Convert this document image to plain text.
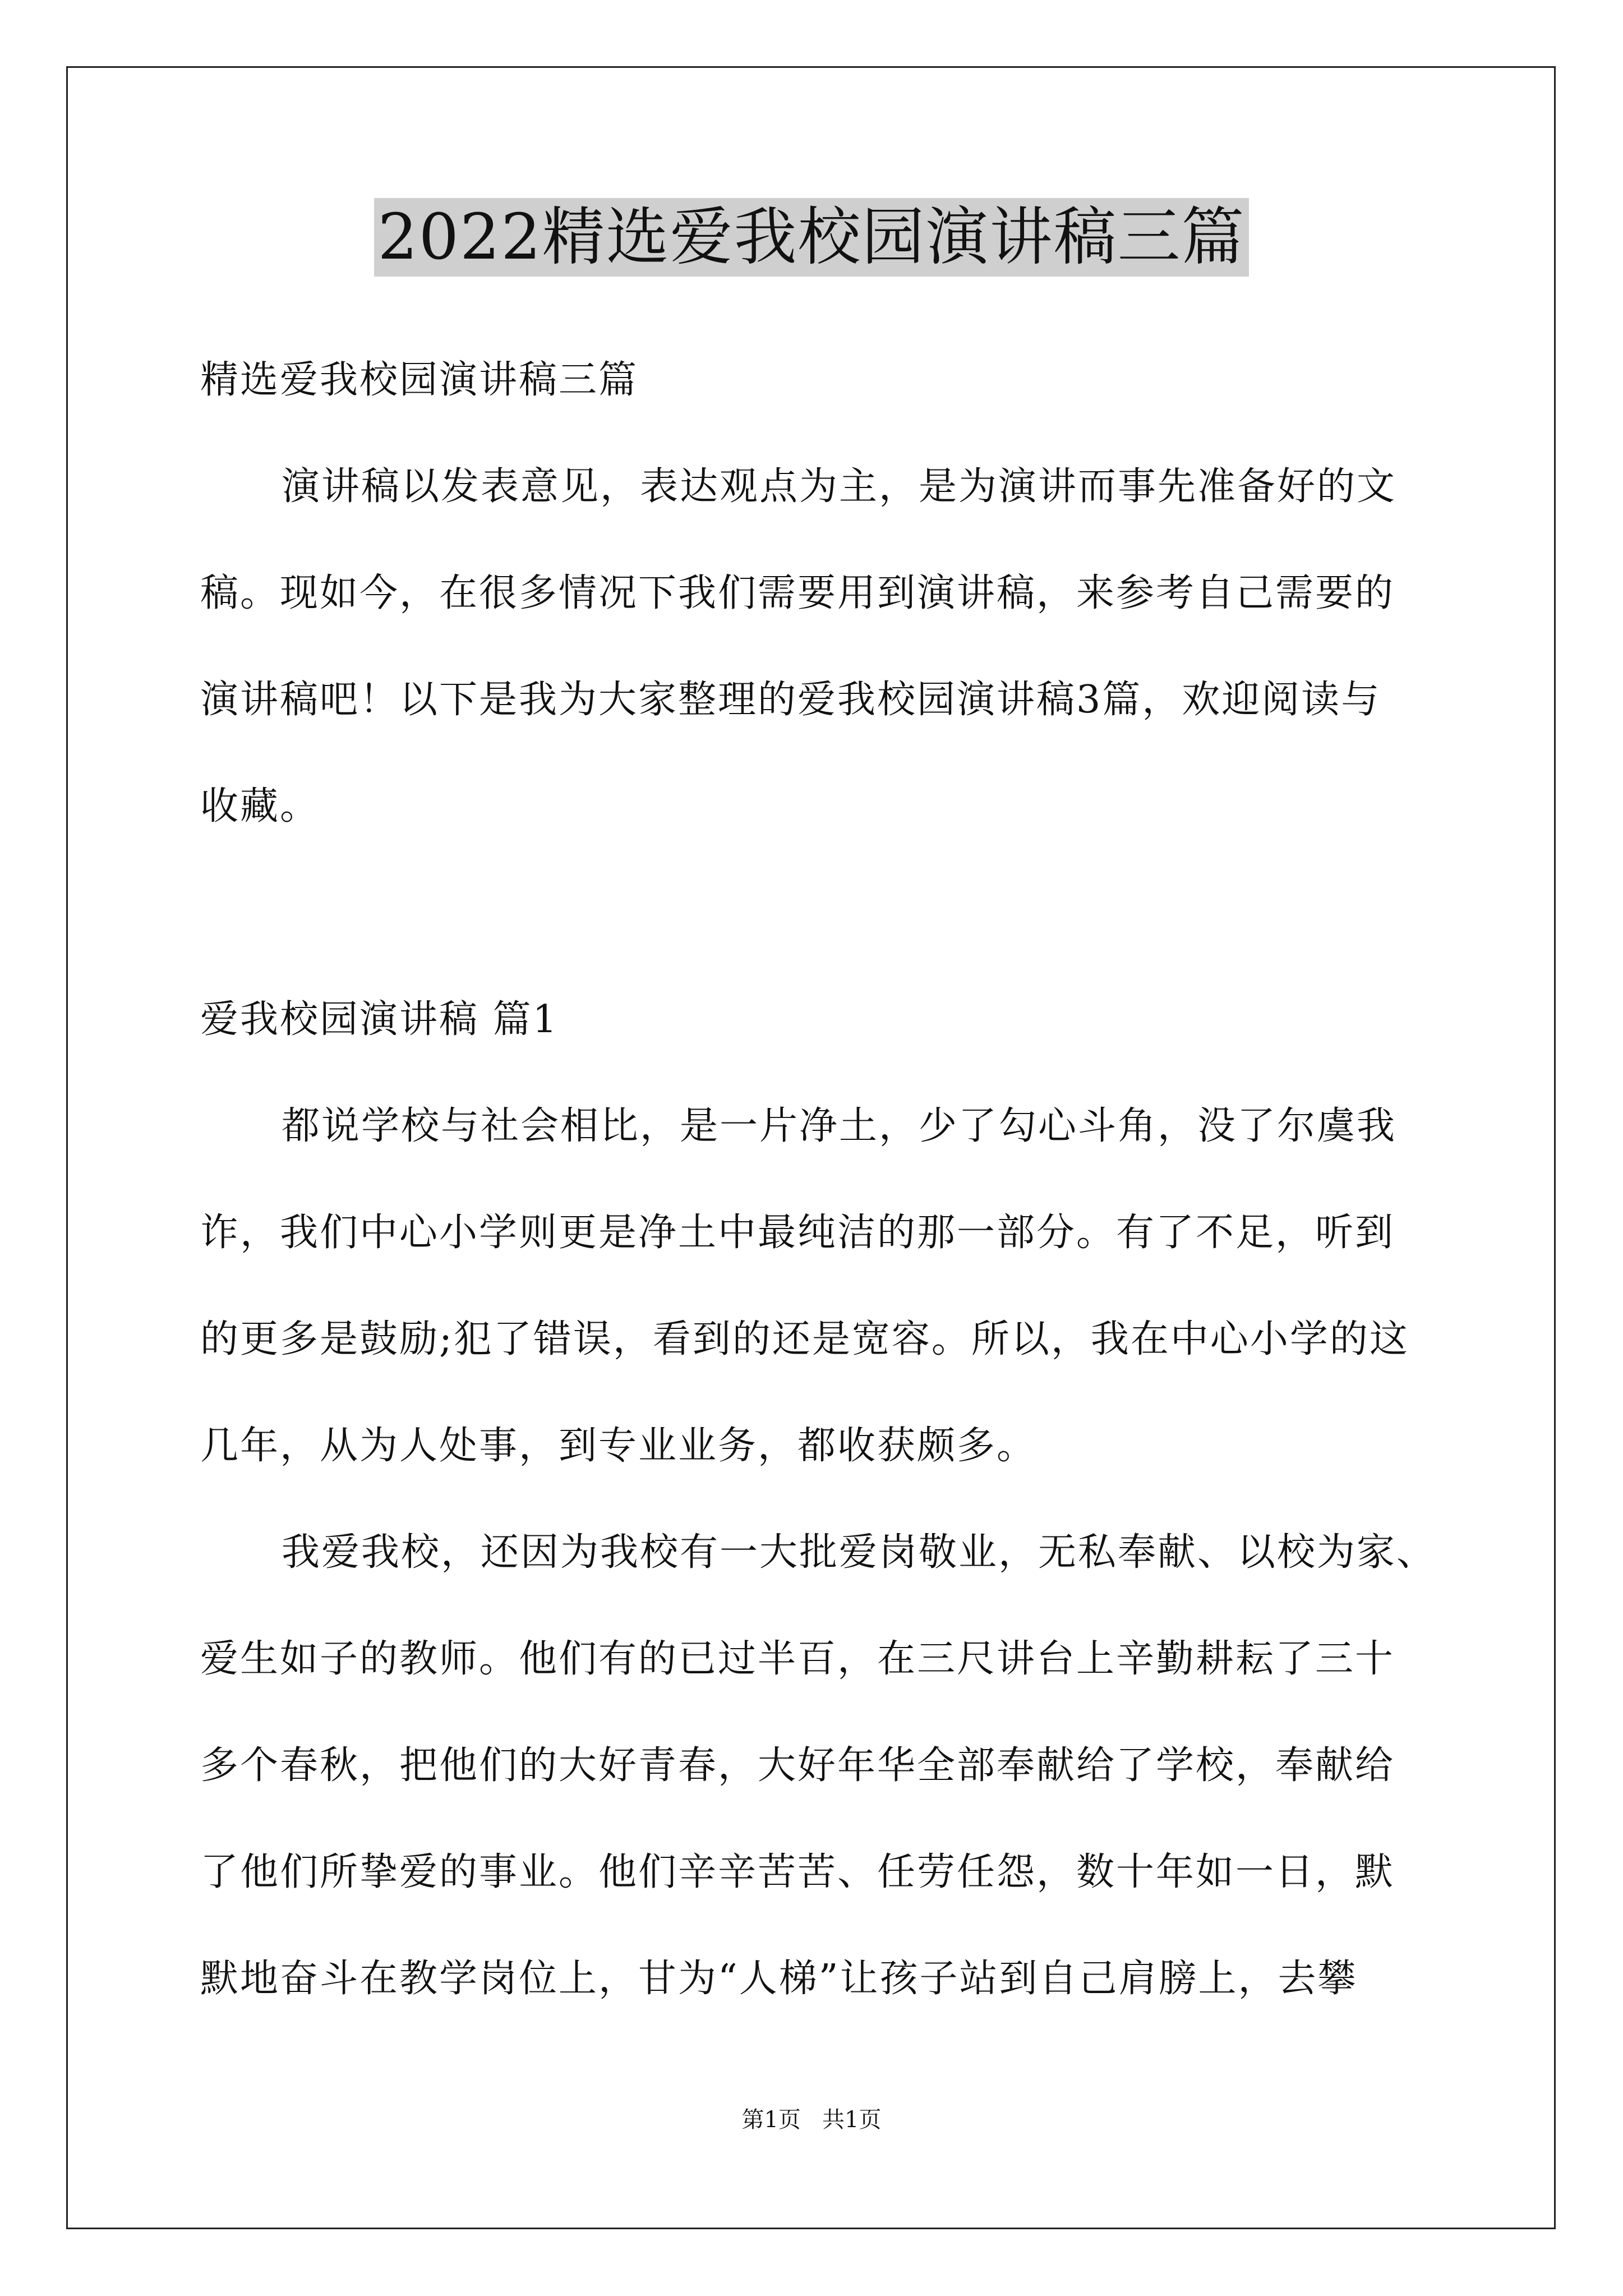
2022精选爱我校园演讲稿三篇
精选爱我校园演讲稿三篇
演讲稿以发表意见，表达观点为主，是为演讲而事先准备好的文
稿。现如今，在很多情况下我们需要用到演讲稿，来参考自己需要的
演讲稿吧！以下是我为大家整理的爱我校园演讲稿3篇，欢迎阅读与
收藏。
爱我校园演讲稿 篇1
都说学校与社会相比，是一片净土，少了勾心斗角，没了尔虞我
诈，我们中心小学则更是净土中最纯洁的那一部分。有了不足，听到
的更多是鼓励;犯了错误，看到的还是宽容。所以，我在中心小学的这
几年，从为人处事，到专业业务，都收获颇多。
我爱我校，还因为我校有一大批爱岗敬业，无私奉献、以校为家、
爱生如子的教师。他们有的已过半百，在三尺讲台上辛勤耕耘了三十
多个春秋，把他们的大好青春，大好年华全部奉献给了学校，奉献给
了他们所挚爱的事业。他们辛辛苦苦、任劳任怨，数十年如一日，默
默地奋斗在教学岗位上，甘为“人梯”让孩子站到自己肩膀上，去攀
第1页   共1页
